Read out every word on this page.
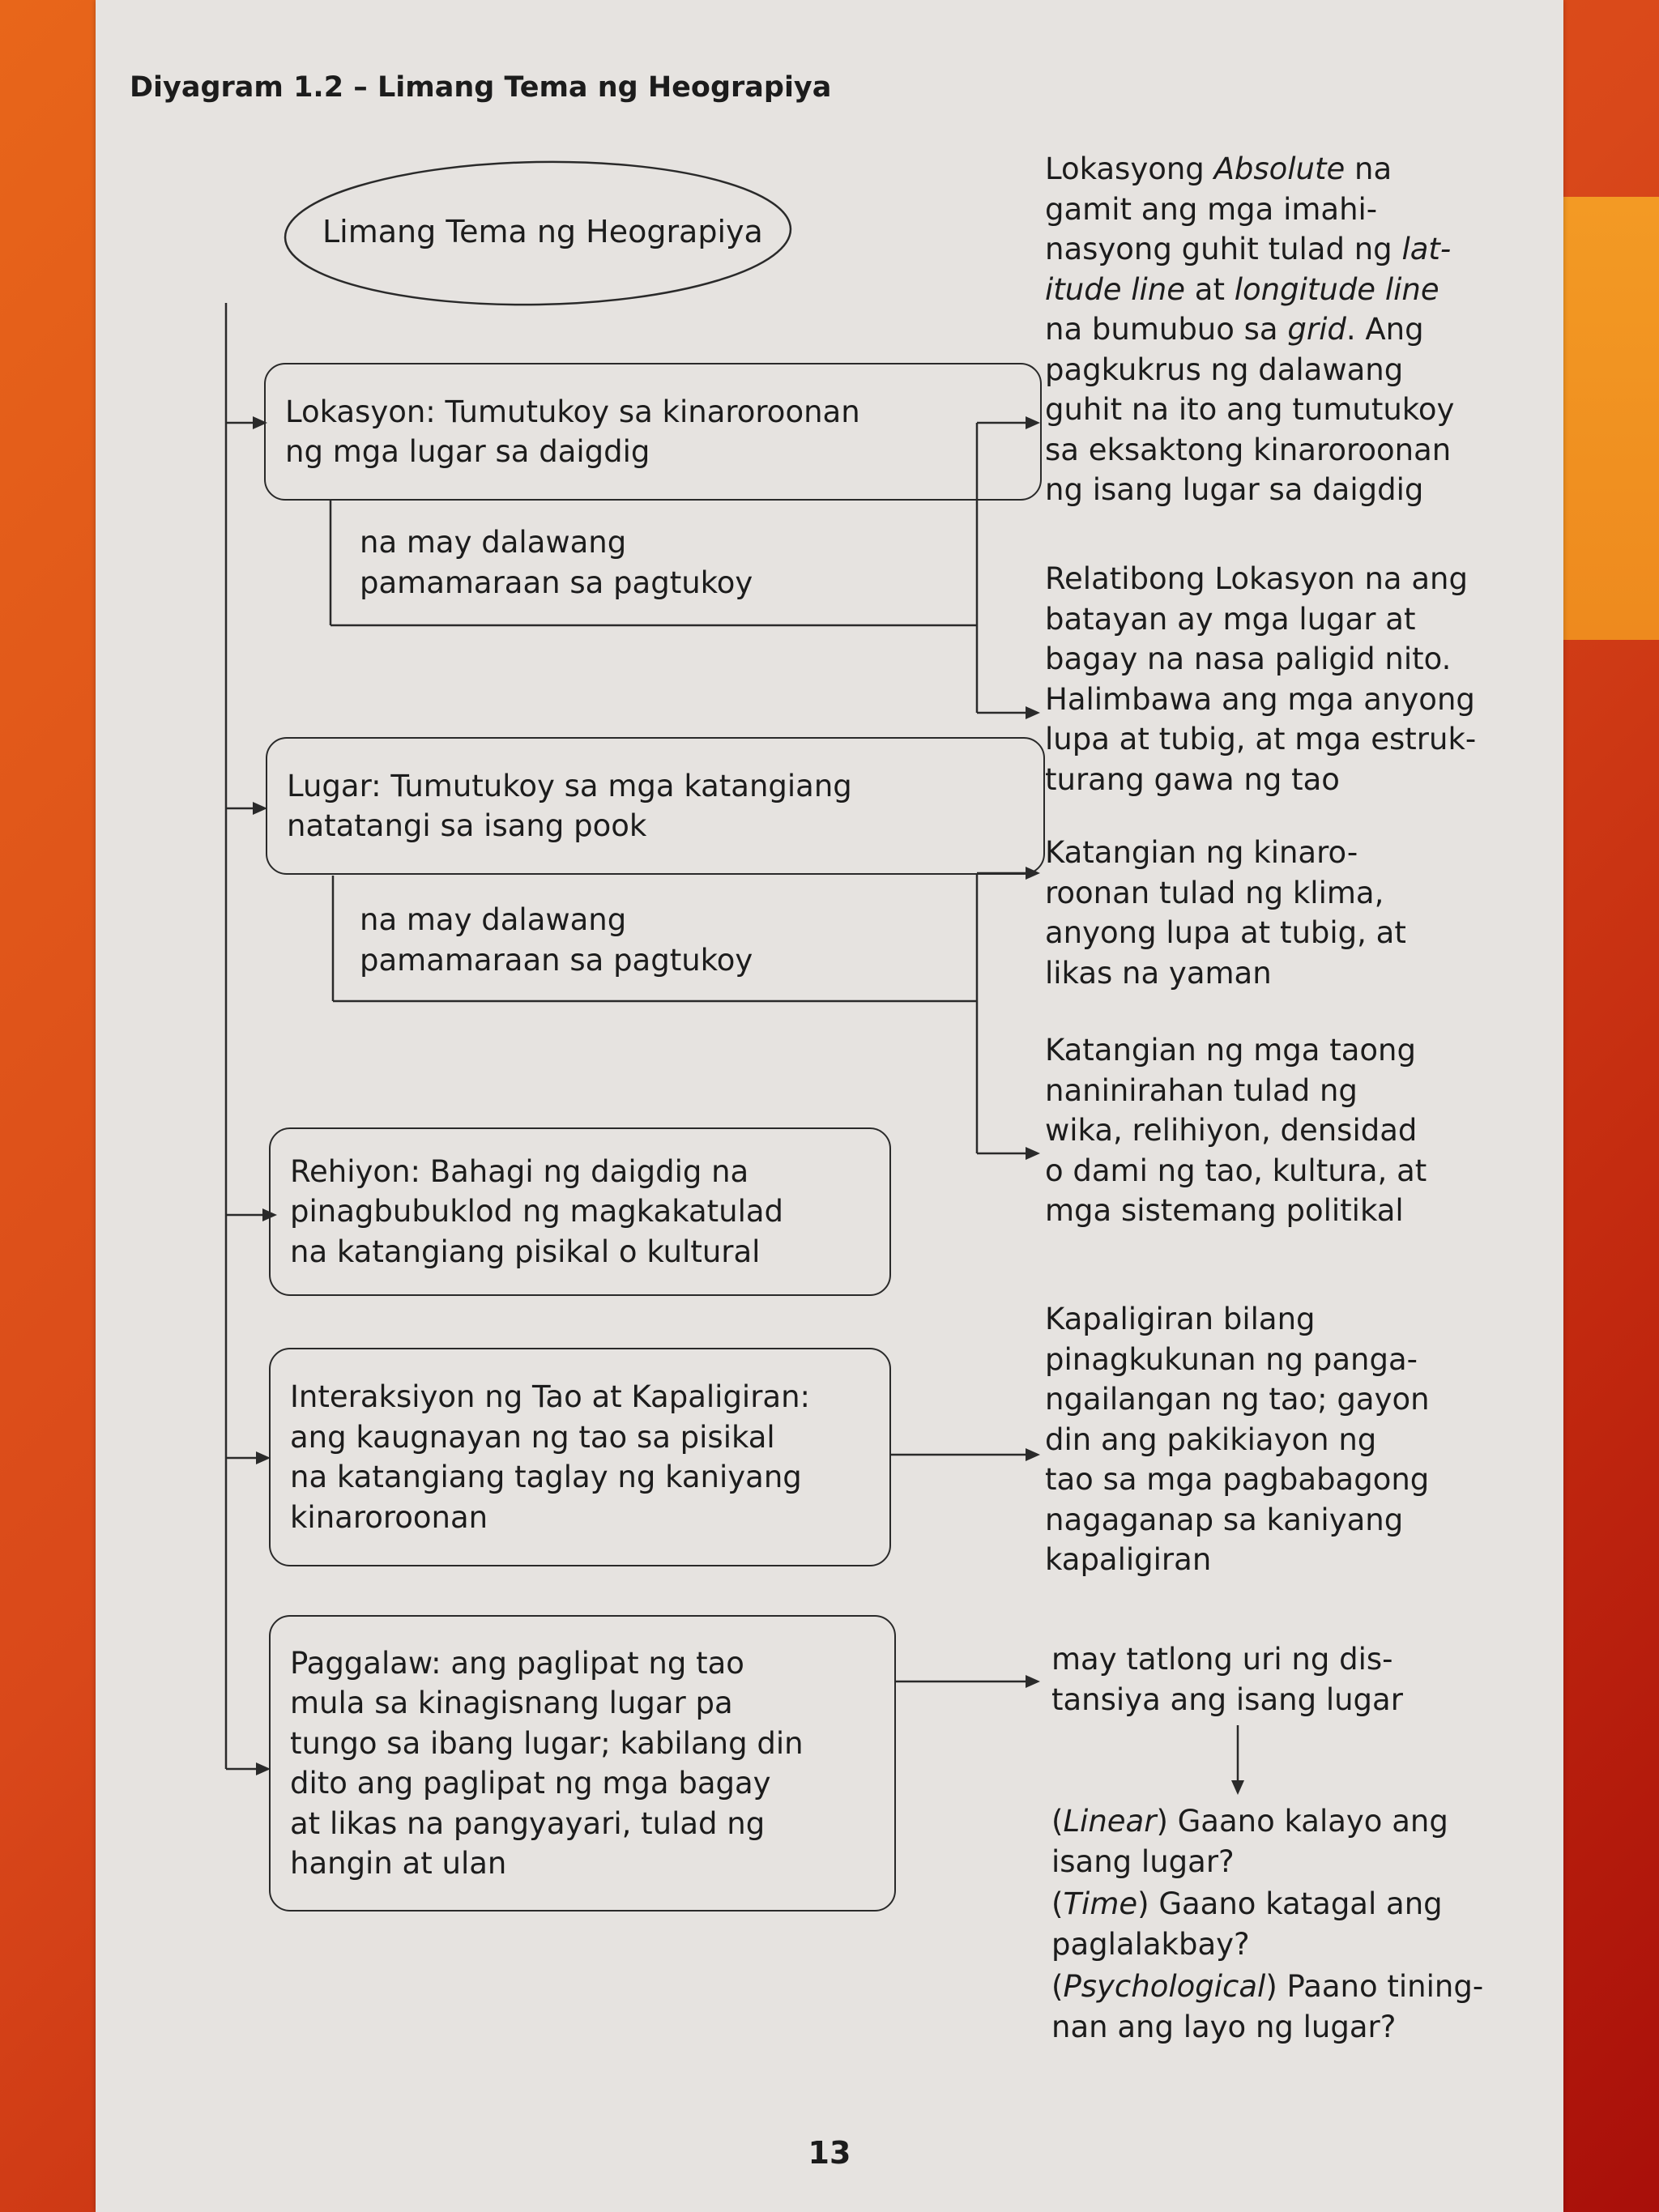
Diyagram 1.2 – Limang Tema ng Heograpiya

Limang Tema ng Heograpiya

Lokasyon: Tumutukoy sa kinaroroonan
ng mga lugar sa daigdig
Lugar: Tumutukoy sa mga katangiang
natatangi sa isang pook
Rehiyon: Bahagi ng daigdig na
pinagbubuklod ng magkakatulad
na katangiang pisikal o kultural
Interaksiyon ng Tao at Kapaligiran:
ang kaugnayan ng tao sa pisikal
na katangiang taglay ng kaniyang
kinaroroonan
Paggalaw: ang paglipat ng tao
mula sa kinagisnang lugar pa
tungo sa ibang lugar; kabilang din
dito ang paglipat ng mga bagay
at likas na pangyayari, tulad ng
hangin at ulan
na may dalawang
pamamaraan sa pagtukoy
na may dalawang
pamamaraan sa pagtukoy
Lokasyong Absolute na
gamit ang mga imahi-
nasyong guhit tulad ng lat-
itude line at longitude line
na bumubuo sa grid. Ang
pagkukrus ng dalawang
guhit na ito ang tumutukoy
sa eksaktong kinaroroonan
ng isang lugar sa daigdig
Relatibong Lokasyon na ang
batayan ay mga lugar at
bagay na nasa paligid nito.
Halimbawa ang mga anyong
lupa at tubig, at mga estruk-
turang gawa ng tao
Katangian ng kinaro-
roonan tulad ng klima,
anyong lupa at tubig, at
likas na yaman
Katangian ng mga taong
naninirahan tulad ng
wika, relihiyon, densidad
o dami ng tao, kultura, at
mga sistemang politikal
Kapaligiran bilang
pinagkukunan ng panga-
ngailangan ng tao; gayon
din ang pakikiayon ng
tao sa mga pagbabagong
nagaganap sa kaniyang
kapaligiran
may tatlong uri ng dis-
tansiya ang isang lugar
(Linear) Gaano kalayo ang
isang lugar?
(Time) Gaano katagal ang
paglalakbay?
(Psychological) Paano tining-
nan ang layo ng lugar?

13
